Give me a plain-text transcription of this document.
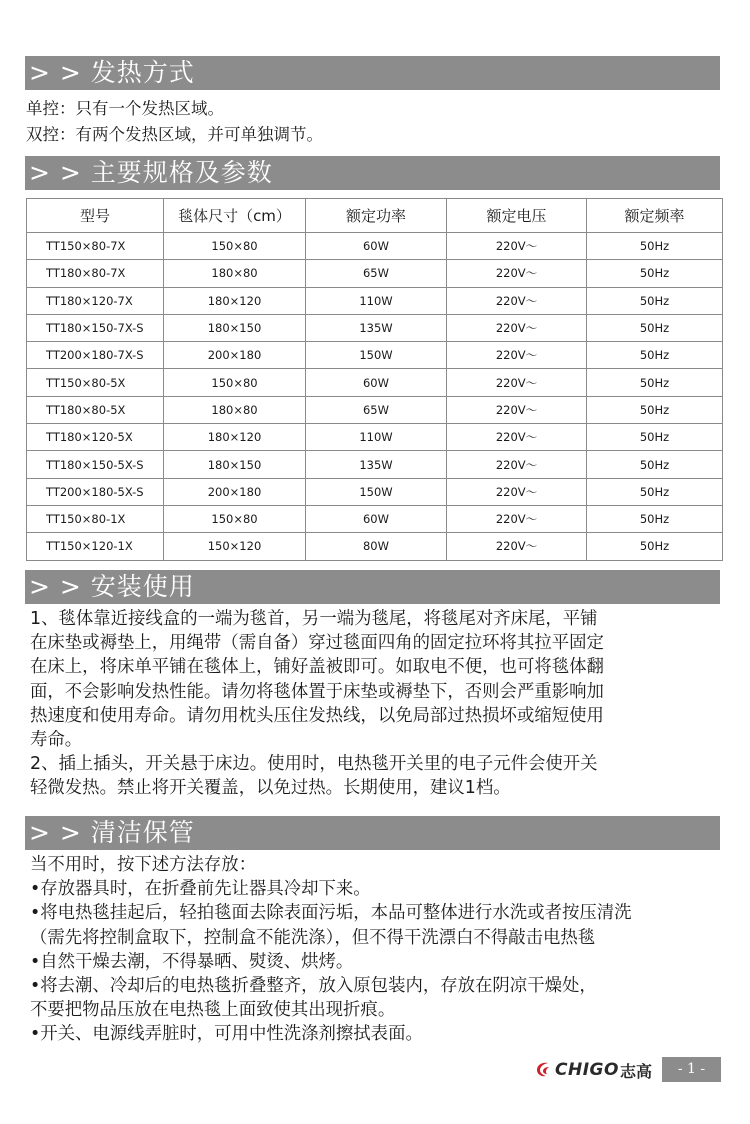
> > 发热方式
单控：只有一个发热区域。
双控：有两个发热区域，并可单独调节。
> > 主要规格及参数
型号	毯体尺寸（cm）	额定功率	额定电压	额定频率
TT150×80-7X	150×80	60W	220V～	50Hz
TT180×80-7X	180×80	65W	220V～	50Hz
TT180×120-7X	180×120	110W	220V～	50Hz
TT180×150-7X-S	180×150	135W	220V～	50Hz
TT200×180-7X-S	200×180	150W	220V～	50Hz
TT150×80-5X	150×80	60W	220V～	50Hz
TT180×80-5X	180×80	65W	220V～	50Hz
TT180×120-5X	180×120	110W	220V～	50Hz
TT180×150-5X-S	180×150	135W	220V～	50Hz
TT200×180-5X-S	200×180	150W	220V～	50Hz
TT150×80-1X	150×80	60W	220V～	50Hz
TT150×120-1X	150×120	80W	220V～	50Hz
> > 安装使用
1、毯体靠近接线盒的一端为毯首，另一端为毯尾，将毯尾对齐床尾，平铺
在床垫或褥垫上，用绳带（需自备）穿过毯面四角的固定拉环将其拉平固定
在床上，将床单平铺在毯体上，铺好盖被即可。如取电不便，也可将毯体翻
面，不会影响发热性能。请勿将毯体置于床垫或褥垫下，否则会严重影响加
热速度和使用寿命。请勿用枕头压住发热线，以免局部过热损坏或缩短使用
寿命。
2、插上插头，开关悬于床边。使用时，电热毯开关里的电子元件会使开关
轻微发热。禁止将开关覆盖，以免过热。长期使用，建议1档。
> > 清洁保管
当不用时，按下述方法存放：
•存放器具时，在折叠前先让器具冷却下来。
•将电热毯挂起后，轻拍毯面去除表面污垢，本品可整体进行水洗或者按压清洗
（需先将控制盒取下，控制盒不能洗涤），但不得干洗漂白不得敲击电热毯
•自然干燥去潮，不得暴晒、熨烫、烘烤。
•将去潮、冷却后的电热毯折叠整齐，放入原包装内，存放在阴凉干燥处，
不要把物品压放在电热毯上面致使其出现折痕。
•开关、电源线弄脏时，可用中性洗涤剂擦拭表面。
CHIGO 志高	- 1 -
